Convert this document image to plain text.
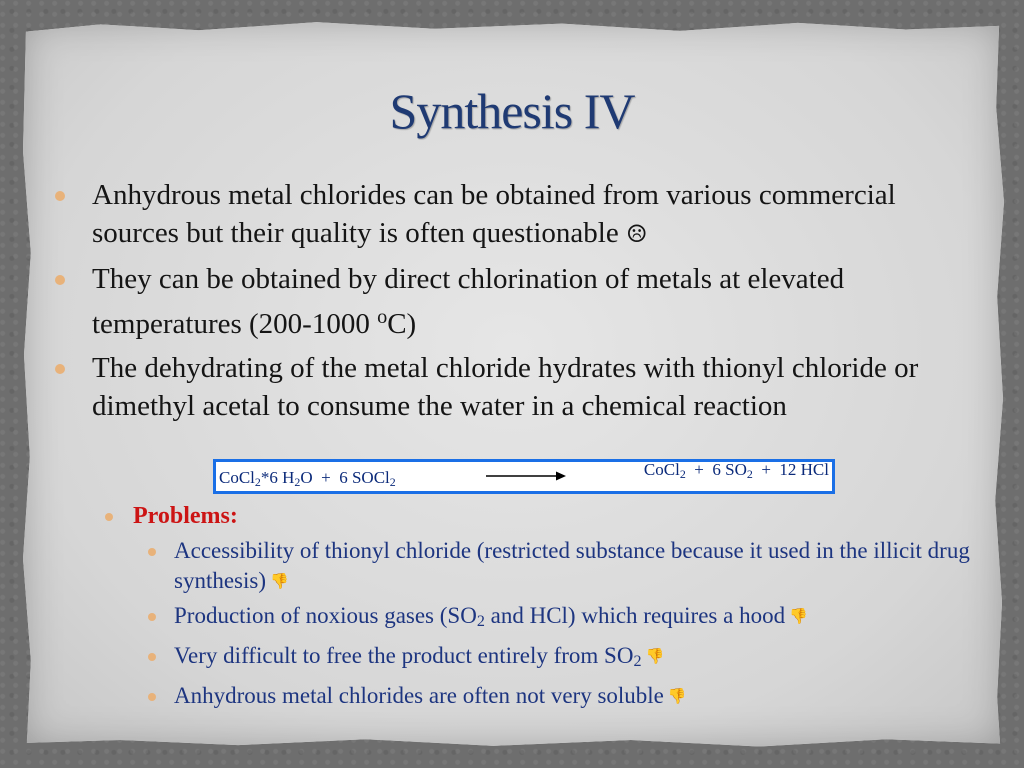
Synthesis IV
Anhydrous metal chlorides can be obtained from various commercial sources but their quality is often questionable ☹
They can be obtained by direct chlorination of metals at elevated temperatures (200-1000 $^o$C)
The dehydrating of the metal chloride hydrates with thionyl chloride or dimethyl acetal to consume the water in a chemical reaction
CoCl$_2$*6 $H_2O + 6$ SOCl$_2$
CoCl$_2$  +  6 $SO_2 + 12$ HCl
Problems:
Accessibility of thionyl chloride (restricted substance because it used in the illicit drug synthesis) 👎
Production of noxious gases ($SO_2$ and HCl) which requires a hood 👎
Very difficult to free the product entirely from $SO_2$ 👎
Anhydrous metal chlorides are often not very soluble 👎
